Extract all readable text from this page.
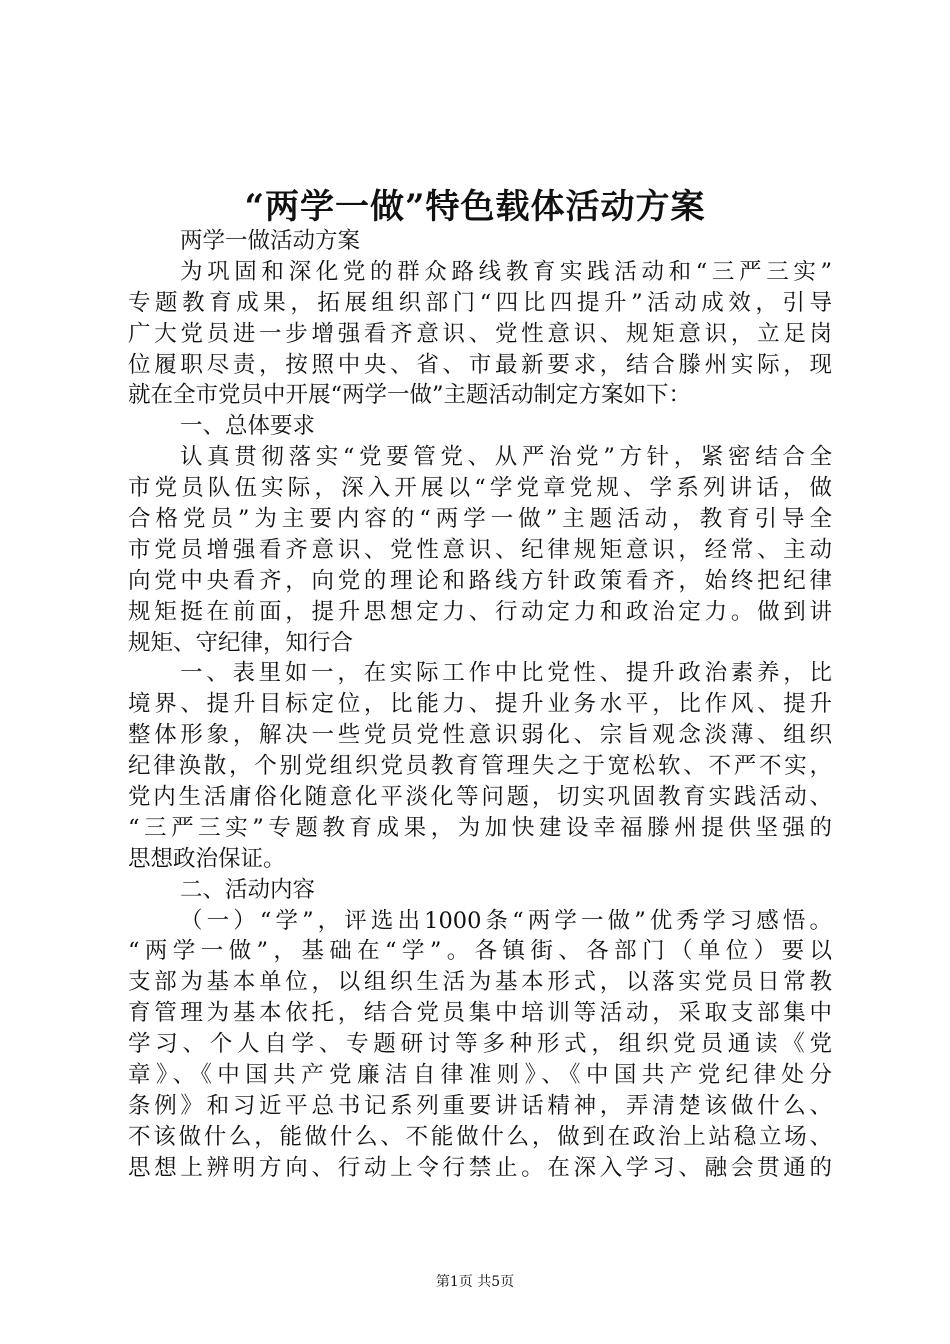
“两学一做”特色载体活动方案
两学一做活动方案
为巩固和深化党的群众路线教育实践活动和“三严三实”
专题教育成果，拓展组织部门“四比四提升”活动成效，引导
广大党员进一步增强看齐意识、党性意识、规矩意识，立足岗
位履职尽责，按照中央、省、市最新要求，结合滕州实际，现
就在全市党员中开展“两学一做”主题活动制定方案如下：
一、总体要求
认真贯彻落实“党要管党、从严治党”方针，紧密结合全
市党员队伍实际，深入开展以“学党章党规、学系列讲话，做
合格党员”为主要内容的“两学一做”主题活动，教育引导全
市党员增强看齐意识、党性意识、纪律规矩意识，经常、主动
向党中央看齐，向党的理论和路线方针政策看齐，始终把纪律
规矩挺在前面，提升思想定力、行动定力和政治定力。做到讲
规矩、守纪律，知行合
一、表里如一，在实际工作中比党性、提升政治素养，比
境界、提升目标定位，比能力、提升业务水平，比作风、提升
整体形象，解决一些党员党性意识弱化、宗旨观念淡薄、组织
纪律涣散，个别党组织党员教育管理失之于宽松软、不严不实，
党内生活庸俗化随意化平淡化等问题，切实巩固教育实践活动、
“三严三实”专题教育成果，为加快建设幸福滕州提供坚强的
思想政治保证。
二、活动内容
（一）“学”，评选出1000条“两学一做”优秀学习感悟。
“两学一做”，基础在“学”。各镇街、各部门（单位）要以
支部为基本单位，以组织生活为基本形式，以落实党员日常教
育管理为基本依托，结合党员集中培训等活动，采取支部集中
学习、个人自学、专题研讨等多种形式，组织党员通读《党
章》、《中国共产党廉洁自律准则》、《中国共产党纪律处分
条例》和习近平总书记系列重要讲话精神，弄清楚该做什么、
不该做什么，能做什么、不能做什么，做到在政治上站稳立场、
思想上辨明方向、行动上令行禁止。在深入学习、融会贯通的
第1页 共5页
